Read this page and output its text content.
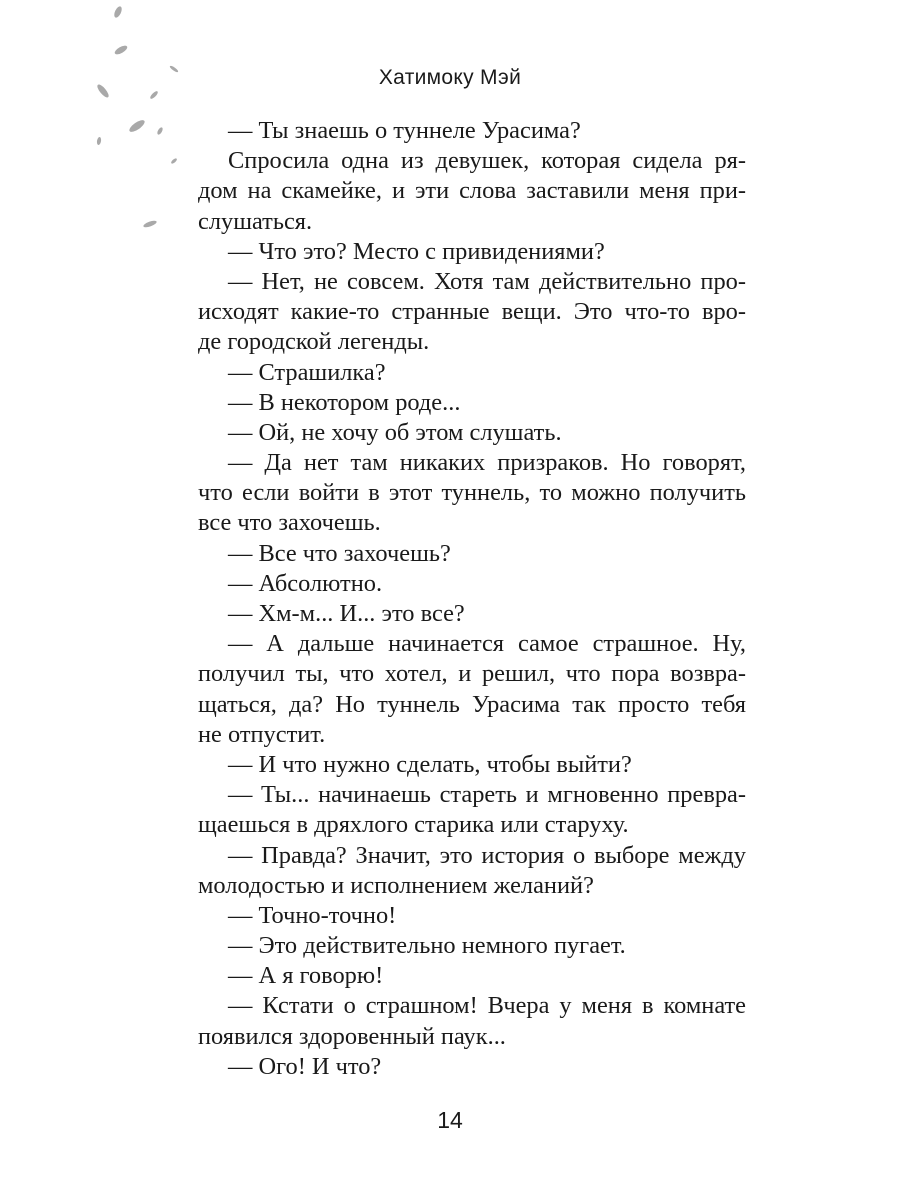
Хатимоку Мэй
— Ты знаешь о туннеле Урасима?
Спросила одна из девушек, которая сидела ря-
дом на скамейке, и эти слова заставили меня при-
слушаться.
— Что это? Место с привидениями?
— Нет, не совсем. Хотя там действительно про-
исходят какие-то странные вещи. Это что-то вро-
де городской легенды.
— Страшилка?
— В некотором роде...
— Ой, не хочу об этом слушать.
— Да нет там никаких призраков. Но говорят,
что если войти в этот туннель, то можно получить
все что захочешь.
— Все что захочешь?
— Абсолютно.
— Хм-м... И... это все?
— А дальше начинается самое страшное. Ну,
получил ты, что хотел, и решил, что пора возвра-
щаться, да? Но туннель Урасима так просто тебя
не отпустит.
— И что нужно сделать, чтобы выйти?
— Ты... начинаешь стареть и мгновенно превра-
щаешься в дряхлого старика или старуху.
— Правда? Значит, это история о выборе между
молодостью и исполнением желаний?
— Точно-точно!
— Это действительно немного пугает.
— А я говорю!
— Кстати о страшном! Вчера у меня в комнате
появился здоровенный паук...
— Ого! И что?
14
